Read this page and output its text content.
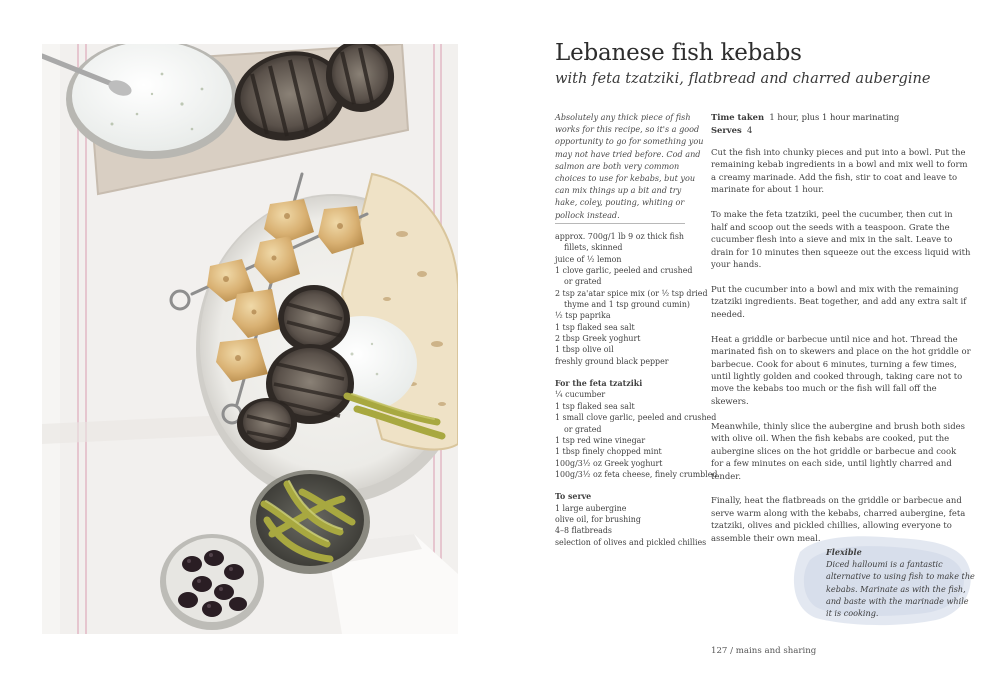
Lebanese fish kebabs
with feta tzatziki, flatbread and charred aubergine
Absolutely any thick piece of fish works for this recipe, so it's a good opportunity to go for something you may not have tried before. Cod and salmon are both very common choices to use for kebabs, but you can mix things up a bit and try hake, coley, pouting, whiting or pollock instead.
approx. 700g/1 lb 9 oz thick fish
fillets, skinned
juice of ½ lemon
1 clove garlic, peeled and crushed
or grated
2 tsp za'atar spice mix (or ½ tsp dried
thyme and 1 tsp ground cumin)
½ tsp paprika
1 tsp flaked sea salt
2 tbsp Greek yoghurt
1 tbsp olive oil
freshly ground black pepper
For the feta tzatziki
¼ cucumber
1 tsp flaked sea salt
1 small clove garlic, peeled and crushed
or grated
1 tsp red wine vinegar
1 tbsp finely chopped mint
100g/3½ oz Greek yoghurt
100g/3½ oz feta cheese, finely crumbled
To serve
1 large aubergine
olive oil, for brushing
4–8 flatbreads
selection of olives and pickled chillies
Time taken 1 hour, plus 1 hour marinating
Serves 4

Cut the fish into chunky pieces and put into a bowl. Put the remaining kebab ingredients in a bowl and mix well to form a creamy marinade. Add the fish, stir to coat and leave to marinate for about 1 hour.

To make the feta tzatziki, peel the cucumber, then cut in half and scoop out the seeds with a teaspoon. Grate the cucumber flesh into a sieve and mix in the salt. Leave to drain for 10 minutes then squeeze out the excess liquid with your hands.

Put the cucumber into a bowl and mix with the remaining tzatziki ingredients. Beat together, and add any extra salt if needed.

Heat a griddle or barbecue until nice and hot. Thread the marinated fish on to skewers and place on the hot griddle or barbecue. Cook for about 6 minutes, turning a few times, until lightly golden and cooked through, taking care not to move the kebabs too much or the fish will fall off the skewers.

Meanwhile, thinly slice the aubergine and brush both sides with olive oil. When the fish kebabs are cooked, put the aubergine slices on the hot griddle or barbecue and cook for a few minutes on each side, until lightly charred and tender.

Finally, heat the flatbreads on the griddle or barbecue and serve warm along with the kebabs, charred aubergine, feta tzatziki, olives and pickled chillies, allowing everyone to assemble their own meal.

Flexible
Diced halloumi is a fantastic alternative to using fish to make the kebabs. Marinate as with the fish, and baste with the marinade while it is cooking.
127 / mains and sharing
